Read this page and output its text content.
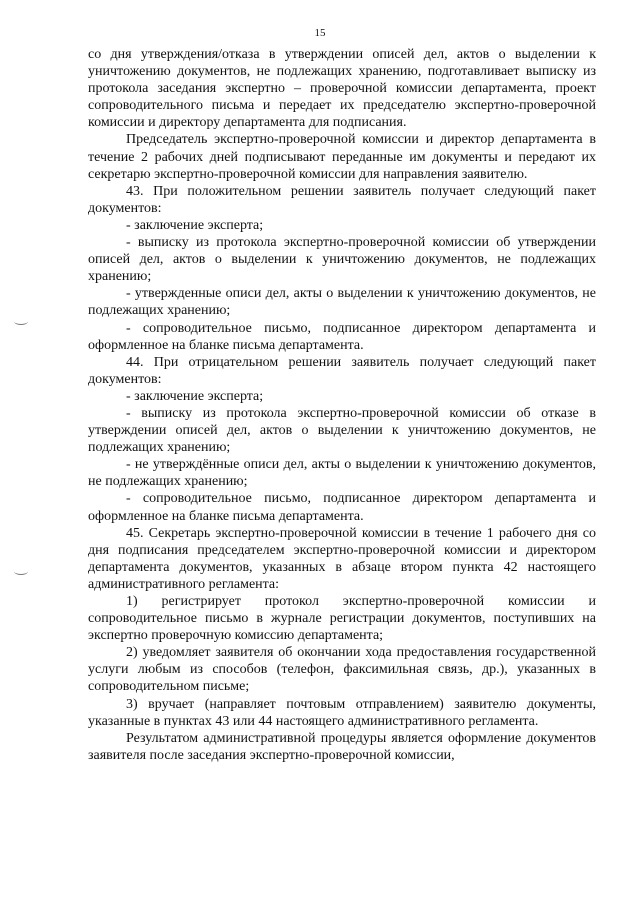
15

со дня утверждения/отказа в утверждении описей дел, актов о выделении к уничтожению документов, не подлежащих хранению, подготавливает выписку из протокола заседания экспертно – проверочной комиссии департамента, проект сопроводительного письма и передает их председателю экспертно-проверочной комиссии и директору департамента для подписания.

Председатель экспертно-проверочной комиссии и директор департамента в течение 2 рабочих дней подписывают переданные им документы и передают их секретарю экспертно-проверочной комиссии для направления заявителю.

43. При положительном решении заявитель получает следующий пакет документов:

- заключение эксперта;

- выписку из протокола экспертно-проверочной комиссии об утверждении описей дел, актов о выделении к уничтожению документов, не подлежащих хранению;

- утвержденные описи дел, акты о выделении к уничтожению документов, не подлежащих хранению;

- сопроводительное письмо, подписанное директором департамента и оформленное на бланке письма департамента.

44. При отрицательном решении заявитель получает следующий пакет документов:

- заключение эксперта;

- выписку из протокола экспертно-проверочной комиссии об отказе в утверждении описей дел, актов о выделении к уничтожению документов, не подлежащих хранению;

- не утверждённые описи дел, акты о выделении к уничтожению документов, не подлежащих хранению;

- сопроводительное письмо, подписанное директором департамента и оформленное на бланке письма департамента.

45. Секретарь экспертно-проверочной комиссии в течение 1 рабочего дня со дня подписания председателем экспертно-проверочной комиссии и директором департамента документов, указанных в абзаце втором пункта 42 настоящего административного регламента:

1) регистрирует протокол экспертно-проверочной комиссии и сопроводительное письмо в журнале регистрации документов, поступивших на экспертно проверочную комиссию департамента;

2) уведомляет заявителя об окончании хода предоставления государственной услуги любым из способов (телефон, факсимильная связь, др.), указанных в сопроводительном письме;

3) вручает (направляет почтовым отправлением) заявителю документы, указанные в пунктах 43 или 44 настоящего административного регламента.

Результатом административной процедуры является оформление документов заявителя после заседания экспертно-проверочной комиссии,
